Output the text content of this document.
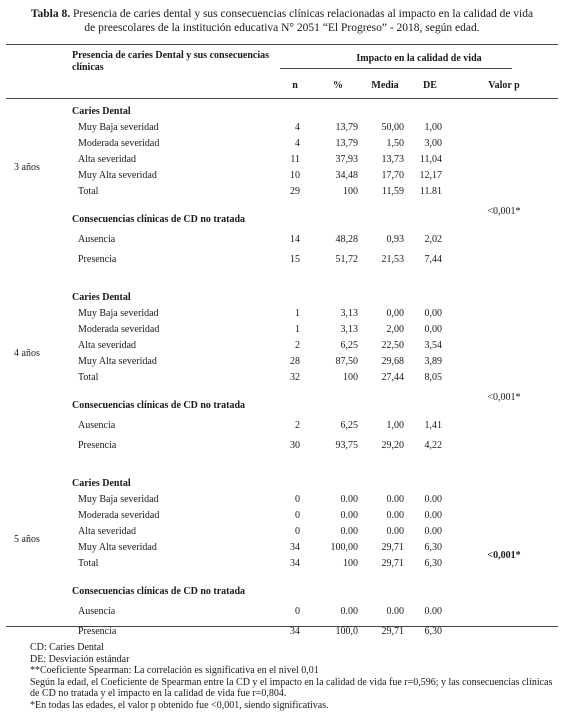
Tabla 8. Presencia de caries dental y sus consecuencias clínicas relacionadas al impacto en la calidad de vida
de preescolares de la institución educativa N° 2051 “El Progreso” - 2018, según edad.
Presencia de caries Dental y sus consecuencias clínicas
Impacto en la calidad de vida
n	%	Media	DE	Valor p
Caries Dental
Muy Baja severidad	4	13,79	50,00	1,00
Moderada severidad	4	13,79	1,50	3,00
Alta severidad	11	37,93	13,73	11,04
Muy Alta severidad	10	34,48	17,70	12,17
Total	29	100	11,59	11.81
3 años
Consecuencias clínicas de CD no tratada
<0,001*
Ausencia	14	48,28	0,93	2,02
Presencia	15	51,72	21,53	7,44
Caries Dental
Muy Baja severidad	1	3,13	0,00	0,00
Moderada severidad	1	3,13	2,00	0,00
Alta severidad	2	6,25	22,50	3,54
Muy Alta severidad	28	87,50	29,68	3,89
Total	32	100	27,44	8,05
4 años
Consecuencias clínicas de CD no tratada
<0,001*
Ausencia	2	6,25	1,00	1,41
Presencia	30	93,75	29,20	4,22
Caries Dental
Muy Baja severidad	0	0.00	0.00	0.00
Moderada severidad	0	0.00	0.00	0.00
Alta severidad	0	0.00	0.00	0.00
Muy Alta severidad	34	100,00	29,71	6,30
Total	34	100	29,71	6,30
5 años
Consecuencias clínicas de CD no tratada
<0,001*
Ausencia	0	0.00	0.00	0.00
Presencia	34	100,0	29,71	6,30
CD: Caries Dental
DE: Desviación estándar
**Coeficiente Spearman: La correlación es significativa en el nivel 0,01
Según la edad, el Coeficiente de Spearman entre la CD y el impacto en la calidad de vida fue r=0,596; y las consecuencias clínicas de CD no tratada y el impacto en la calidad de vida fue r=0,804.
*En todas las edades, el valor p obtenido fue <0,001, siendo significativas.
